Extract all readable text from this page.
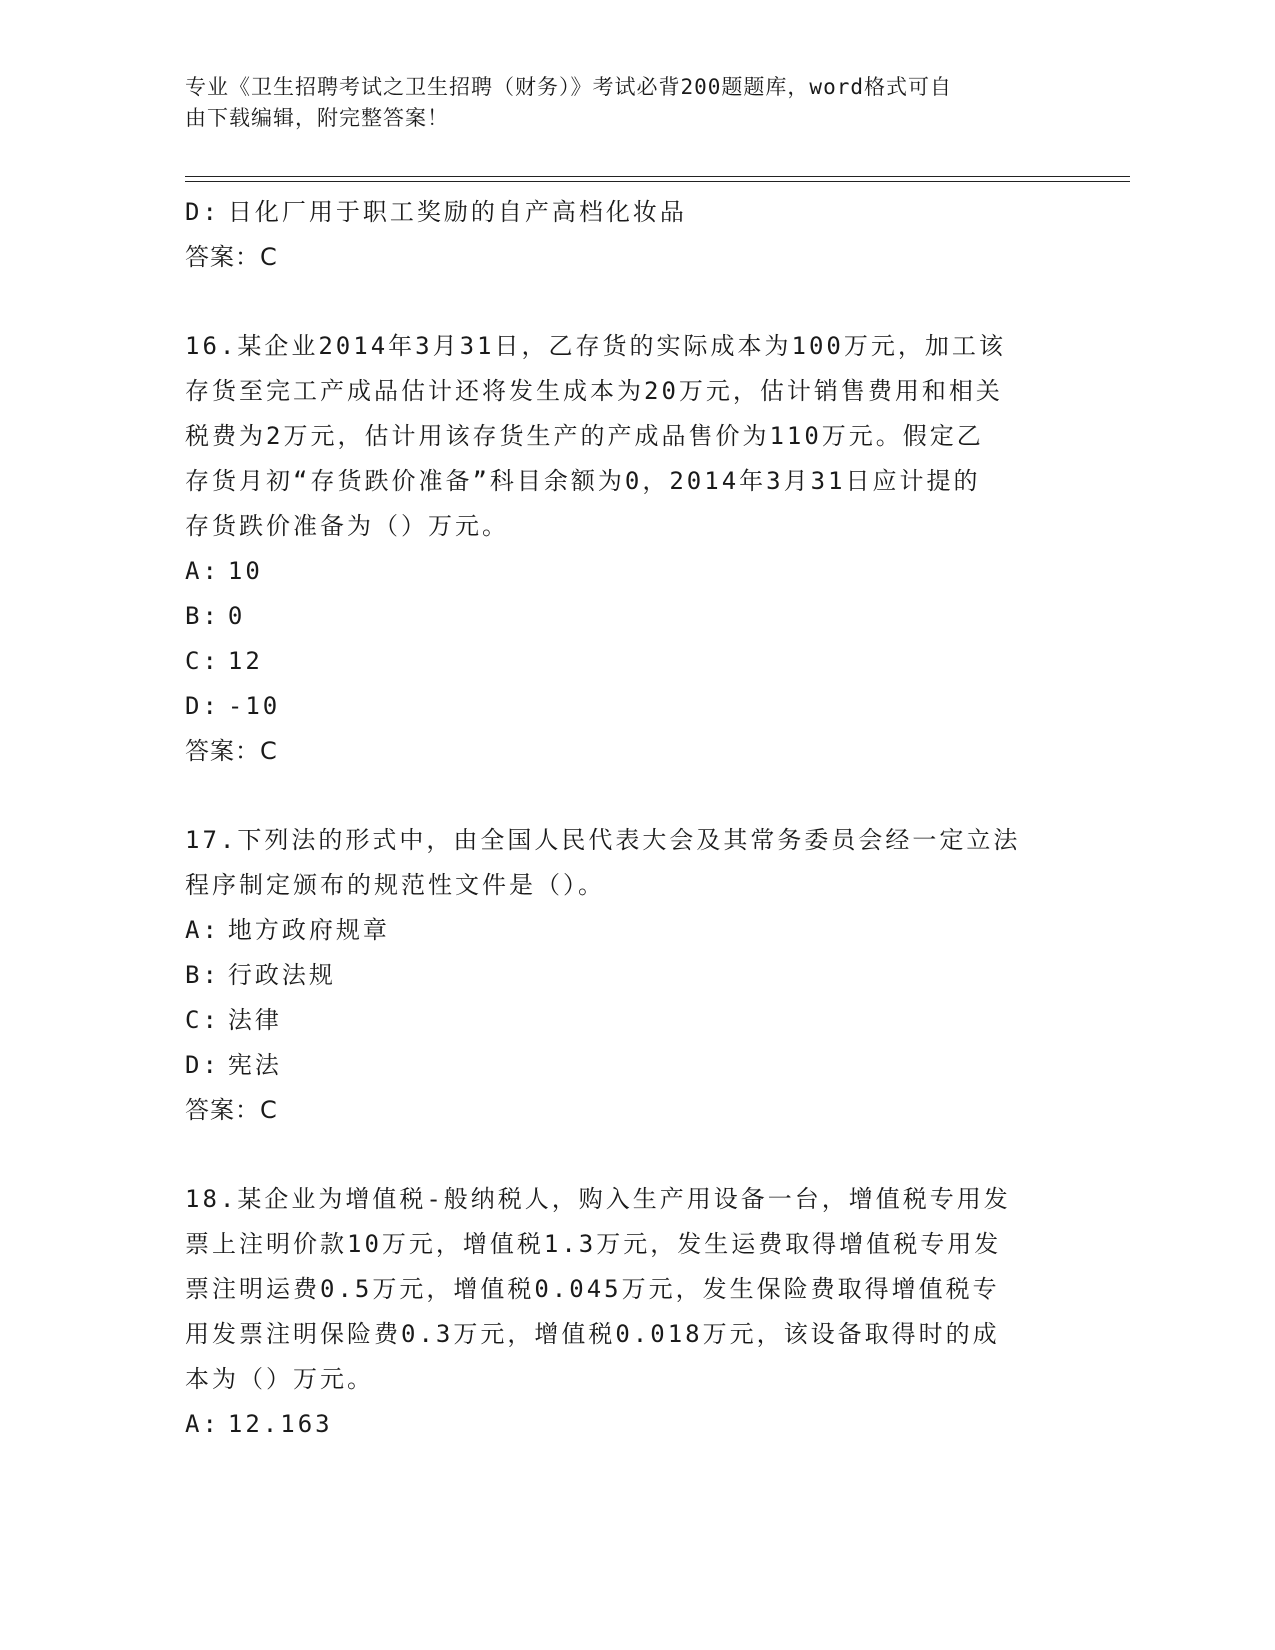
专业《卫生招聘考试之卫生招聘（财务）》考试必背200题题库，word格式可自
由下载编辑，附完整答案！
D: 日化厂用于职工奖励的自产高档化妆品
答案：C
16.某企业2014年3月31日，乙存货的实际成本为100万元，加工该
存货至完工产成品估计还将发生成本为20万元，估计销售费用和相关
税费为2万元，估计用该存货生产的产成品售价为110万元。假定乙
存货月初“存货跌价准备”科目余额为0，2014年3月31日应计提的
存货跌价准备为（）万元。
A: 10
B: 0
C: 12
D: -10
答案：C
17.下列法的形式中，由全国人民代表大会及其常务委员会经一定立法
程序制定颁布的规范性文件是（）。
A: 地方政府规章
B: 行政法规
C: 法律
D: 宪法
答案：C
18.某企业为增值税-般纳税人，购入生产用设备一台，增值税专用发
票上注明价款10万元，增值税1.3万元，发生运费取得增值税专用发
票注明运费0.5万元，增值税0.045万元，发生保险费取得增值税专
用发票注明保险费0.3万元，增值税0.018万元，该设备取得时的成
本为（）万元。
A: 12.163
